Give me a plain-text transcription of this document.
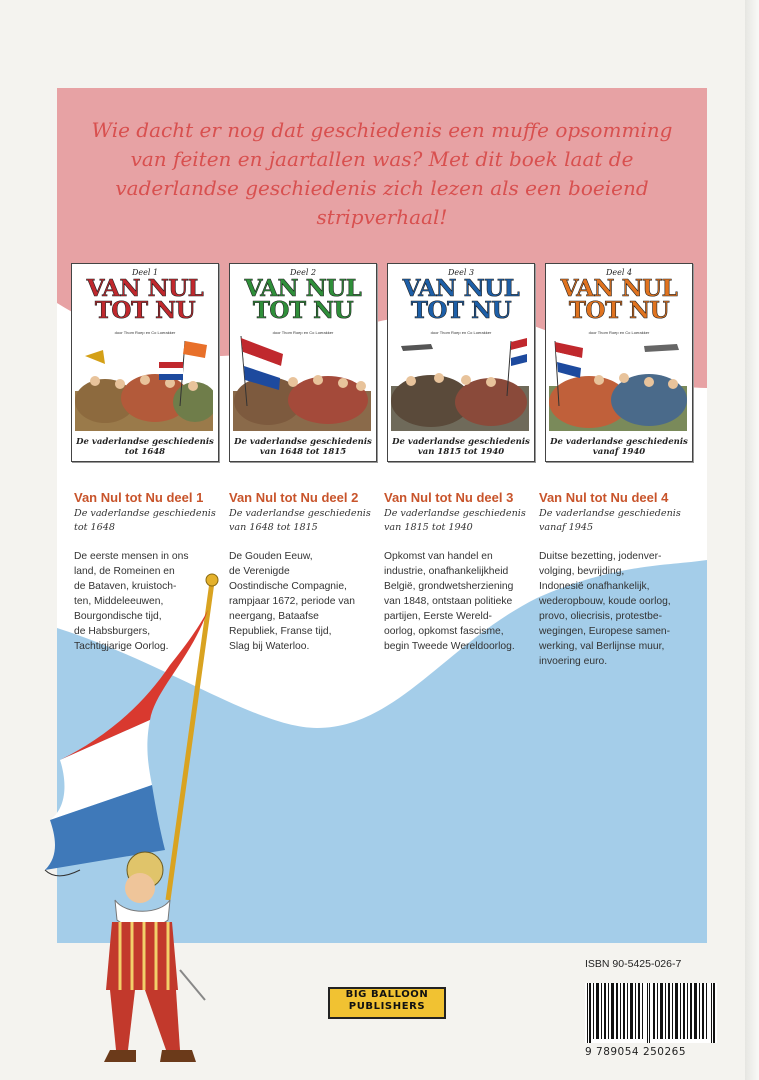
Wie dacht er nog dat geschiedenis een muffe opsomming van feiten en jaartallen was? Met dit boek laat de vaderlandse geschiedenis zich lezen als een boeiend stripverhaal!
Deel 1
VAN NUL
TOT NU
door Thom Roep en Co Loerakker
De vaderlandse geschiedenis tot 1648
Deel 2
VAN NUL
TOT NU
door Thom Roep en Co Loerakker
De vaderlandse geschiedenis van 1648 tot 1815
Deel 3
VAN NUL
TOT NU
door Thom Roep en Co Loerakker
De vaderlandse geschiedenis van 1815 tot 1940
Deel 4
VAN NUL
TOT NU
door Thom Roep en Co Loerakker
De vaderlandse geschiedenis vanaf 1940
Van Nul tot Nu deel 1
De vaderlandse geschiedenis tot 1648
De eerste mensen in ons
land, de Romeinen en
de Bataven, kruistoch-
ten, Middeleeuwen,
Bourgondische tijd,
de Habsburgers,
Tachtigjarige Oorlog.
Van Nul tot Nu deel 2
De vaderlandse geschiedenis van 1648 tot 1815
De Gouden Eeuw,
de Verenigde
Oostindische Compagnie,
rampjaar 1672, periode van
neergang, Bataafse
Republiek, Franse tijd,
Slag bij Waterloo.
Van Nul tot Nu deel 3
De vaderlandse geschiedenis van 1815 tot 1940
Opkomst van handel en
industrie, onafhankelijkheid
België, grondwetsherziening
van 1848, ontstaan politieke
partijen, Eerste Wereld-
oorlog, opkomst fascisme,
begin Tweede Wereldoorlog.
Van Nul tot Nu deel 4
De vaderlandse geschiedenis vanaf 1945
Duitse bezetting, jodenver-
volging, bevrijding,
Indonesië onafhankelijk,
wederopbouw, koude oorlog,
provo, oliecrisis, protestbe-
wegingen, Europese samen-
werking, val Berlijnse muur,
invoering euro.
BIG BALLOON
PUBLISHERS
ISBN 90-5425-026-7
9 789054 250265
